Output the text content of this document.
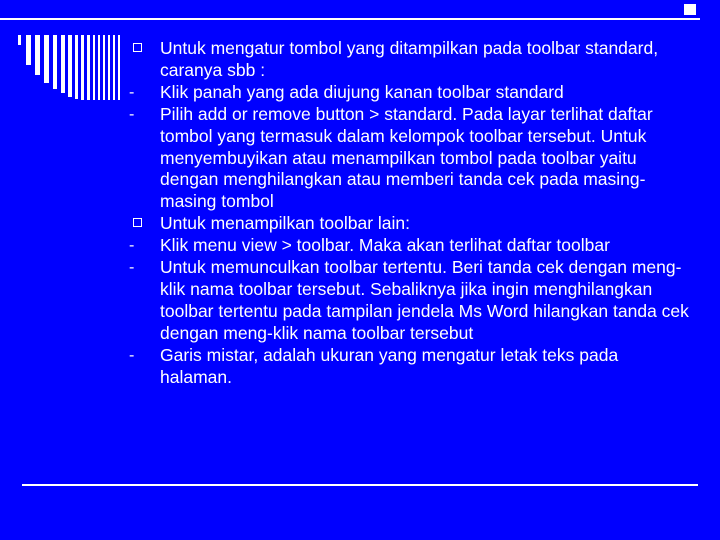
Untuk mengatur tombol yang ditampilkan pada toolbar standard, caranya sbb :
- Klik panah yang ada diujung kanan toolbar standard
- Pilih add or remove button > standard. Pada layar terlihat daftar tombol yang termasuk dalam kelompok toolbar tersebut. Untuk menyembuyikan atau menampilkan tombol pada toolbar yaitu dengan menghilangkan atau memberi tanda cek pada masing-masing tombol
Untuk menampilkan toolbar lain:
- Klik menu view > toolbar. Maka akan terlihat daftar toolbar
- Untuk memunculkan toolbar tertentu. Beri tanda cek dengan meng-klik nama toolbar tersebut. Sebaliknya jika ingin menghilangkan toolbar tertentu pada tampilan jendela Ms Word hilangkan tanda cek dengan meng-klik nama toolbar tersebut
- Garis mistar, adalah ukuran yang mengatur letak teks pada halaman.
